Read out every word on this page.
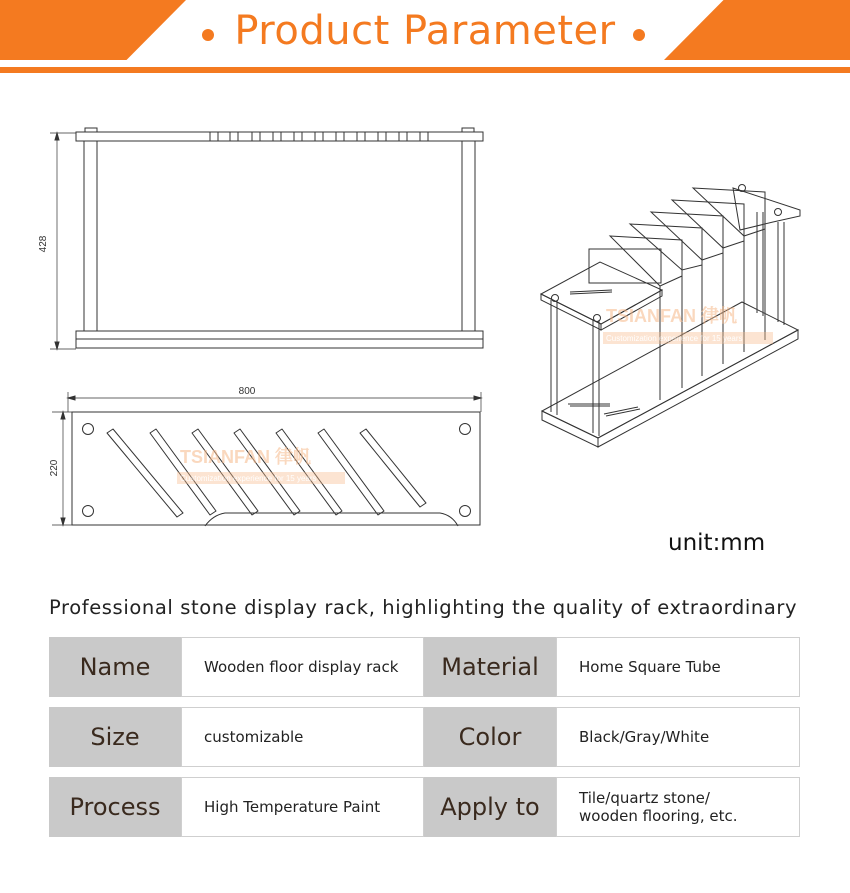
Product Parameter
428
800
220
TSIANFAN 律帆
Customization experience for 15 years
TSIANFAN 律帆
Customization experience for 15 years
unit:mm
Professional stone display rack, highlighting the quality of extraordinary
Name	Wooden floor display rack	Material	Home Square Tube
Size	customizable	Color	Black/Gray/White
Process	High Temperature Paint	Apply to	Tile/quartz stone/
wooden flooring, etc.
